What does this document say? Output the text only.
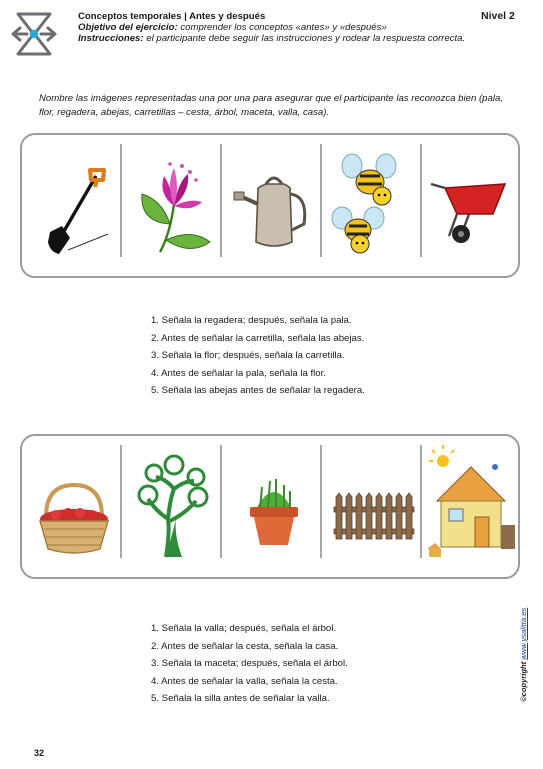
Conceptos temporales | Antes y después
Objetivo del ejercicio: comprender los conceptos «antes» y «después»
Instrucciones: el participante debe seguir las instrucciones y rodear la respuesta correcta.
Nivel 2
Nombre las imágenes representadas una por una para asegurar que el participante las reconozca bien (pala, flor, regadera, abejas, carretillas – cesta, árbol, maceta, valla, casa).
1. Señala la regadera; después, señala la pala.
2. Antes de señalar la carretilla, señala las abejas.
3. Señala la flor; después, señala la carretilla.
4. Antes de señalar la pala, señala la flor.
5. Señala las abejas antes de señalar la regadera.
1. Señala la valla; después, señala el árbol.
2. Antes de señalar la cesta, señala la casa.
3. Señala la maceta; después, señala el árbol.
4. Antes de señalar la valla, señala la cesta.
5. Señala la silla antes de señalar la valla.	©copyright www.ysalitta.es
32
